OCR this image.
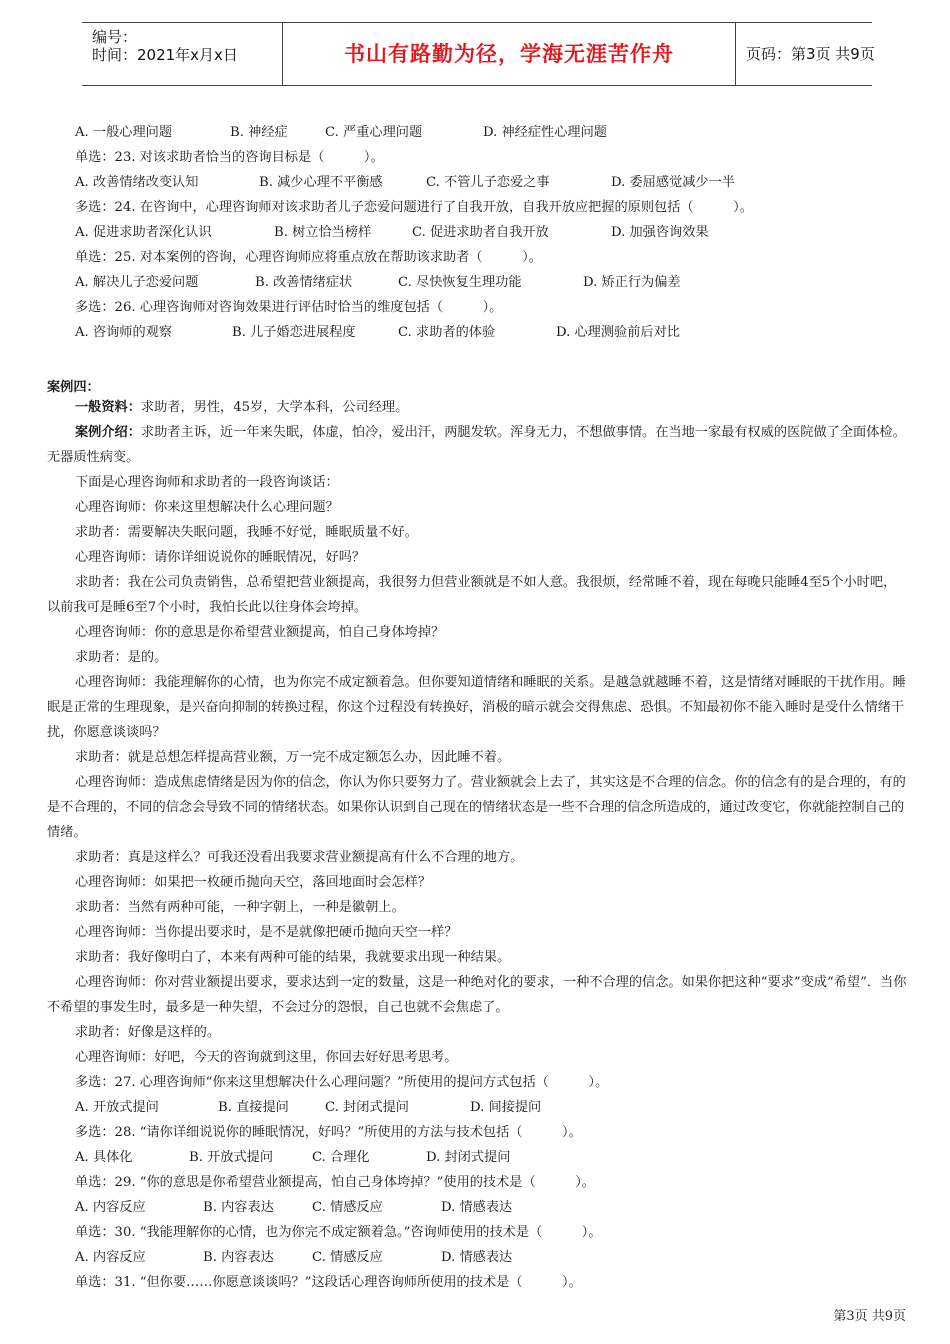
编号：
时间：2021年x月x日	书山有路勤为径，学海无涯苦作舟	页码：第3页 共9页
A. 一般心理问题	B. 神经症	C. 严重心理问题	D. 神经症性心理问题
单选：23. 对该求助者恰当的咨询目标是（　　　）。
A. 改善情绪改变认知	B. 减少心理不平衡感	C. 不管儿子恋爱之事	D. 委屈感觉减少一半
多选：24. 在咨询中，心理咨询师对该求助者儿子恋爱问题进行了自我开放，自我开放应把握的原则包括（　　　）。
A. 促进求助者深化认识	B. 树立恰当榜样	C. 促进求助者自我开放	D. 加强咨询效果
单选：25. 对本案例的咨询，心理咨询师应将重点放在帮助该求助者（　　　）。
A. 解决儿子恋爱问题	B. 改善情绪症状	C. 尽快恢复生理功能	D. 矫正行为偏差
多选：26. 心理咨询师对咨询效果进行评估时恰当的维度包括（　　　）。
A. 咨询师的观察	B. 儿子婚恋进展程度	C. 求助者的体验	D. 心理测验前后对比
案例四：
一般资料：求助者，男性，45岁，大学本科，公司经理。
案例介绍：求助者主诉，近一年来失眠，体虚，怕冷，爱出汗，两腿发软。浑身无力，不想做事情。在当地一家最有权威的医院做了全面体检。无器质性病变。
下面是心理咨询师和求助者的一段咨询谈话：
心理咨询师：你来这里想解决什么心理问题？
求助者：需要解决失眠问题，我睡不好觉，睡眠质量不好。
心理咨询师：请你详细说说你的睡眠情况，好吗？
求助者：我在公司负责销售，总希望把营业额提高，我很努力但营业额就是不如人意。我很烦，经常睡不着，现在每晚只能睡4至5个小时吧，以前我可是睡6至7个小时，我怕长此以往身体会垮掉。
心理咨询师：你的意思是你希望营业额提高，怕自己身体垮掉？
求助者：是的。
心理咨询师：我能理解你的心情，也为你完不成定额着急。但你要知道情绪和睡眠的关系。是越急就越睡不着，这是情绪对睡眠的干扰作用。睡眠是正常的生理现象，是兴奋向抑制的转换过程，你这个过程没有转换好，消极的暗示就会交得焦虑、恐惧。不知最初你不能入睡时是受什么情绪干扰，你愿意谈谈吗？
求助者：就是总想怎样提高营业额，万一完不成定额怎么办，因此睡不着。
心理咨询师：造成焦虑情绪是因为你的信念，你认为你只要努力了。营业额就会上去了，其实这是不合理的信念。你的信念有的是合理的，有的是不合理的，不同的信念会导致不同的情绪状态。如果你认识到自己现在的情绪状态是一些不合理的信念所造成的，通过改变它，你就能控制自己的情绪。
求助者：真是这样么？可我还没看出我要求营业额提高有什么不合理的地方。
心理咨询师：如果把一枚硬币抛向天空，落回地面时会怎样？
求助者：当然有两种可能，一种字朝上，一种是徽朝上。
心理咨询师：当你提出要求时，是不是就像把硬币抛向天空一样？
求助者：我好像明白了，本来有两种可能的结果，我就要求出现一种结果。
心理咨询师：你对营业额提出要求，要求达到一定的数量，这是一种绝对化的要求，一种不合理的信念。如果你把这种“要求”变成“希望”．当你不希望的事发生时，最多是一种失望，不会过分的怨恨，自己也就不会焦虑了。
求助者：好像是这样的。
心理咨询师：好吧，今天的咨询就到这里，你回去好好思考思考。
多选：27. 心理咨询师“你来这里想解决什么心理问题？”所使用的提问方式包括（　　　）。
A. 开放式提问	B. 直接提问	C. 封闭式提问	D. 间接提问
多选：28. “请你详细说说你的睡眠情况，好吗？”所使用的方法与技术包括（　　　）。
A. 具体化	B. 开放式提问	C. 合理化	D. 封闭式提问
单选：29. “你的意思是你希望营业额提高，怕自己身体垮掉？”使用的技术是（　　　）。
A. 内容反应	B. 内容表达	C. 情感反应	D. 情感表达
单选：30. “我能理解你的心情，也为你完不成定额着急。”咨询师使用的技术是（　　　）。
A. 内容反应	B. 内容表达	C. 情感反应	D. 情感表达
单选：31. “但你要……你愿意谈谈吗？”这段话心理咨询师所使用的技术是（　　　）。
第3页 共9页
